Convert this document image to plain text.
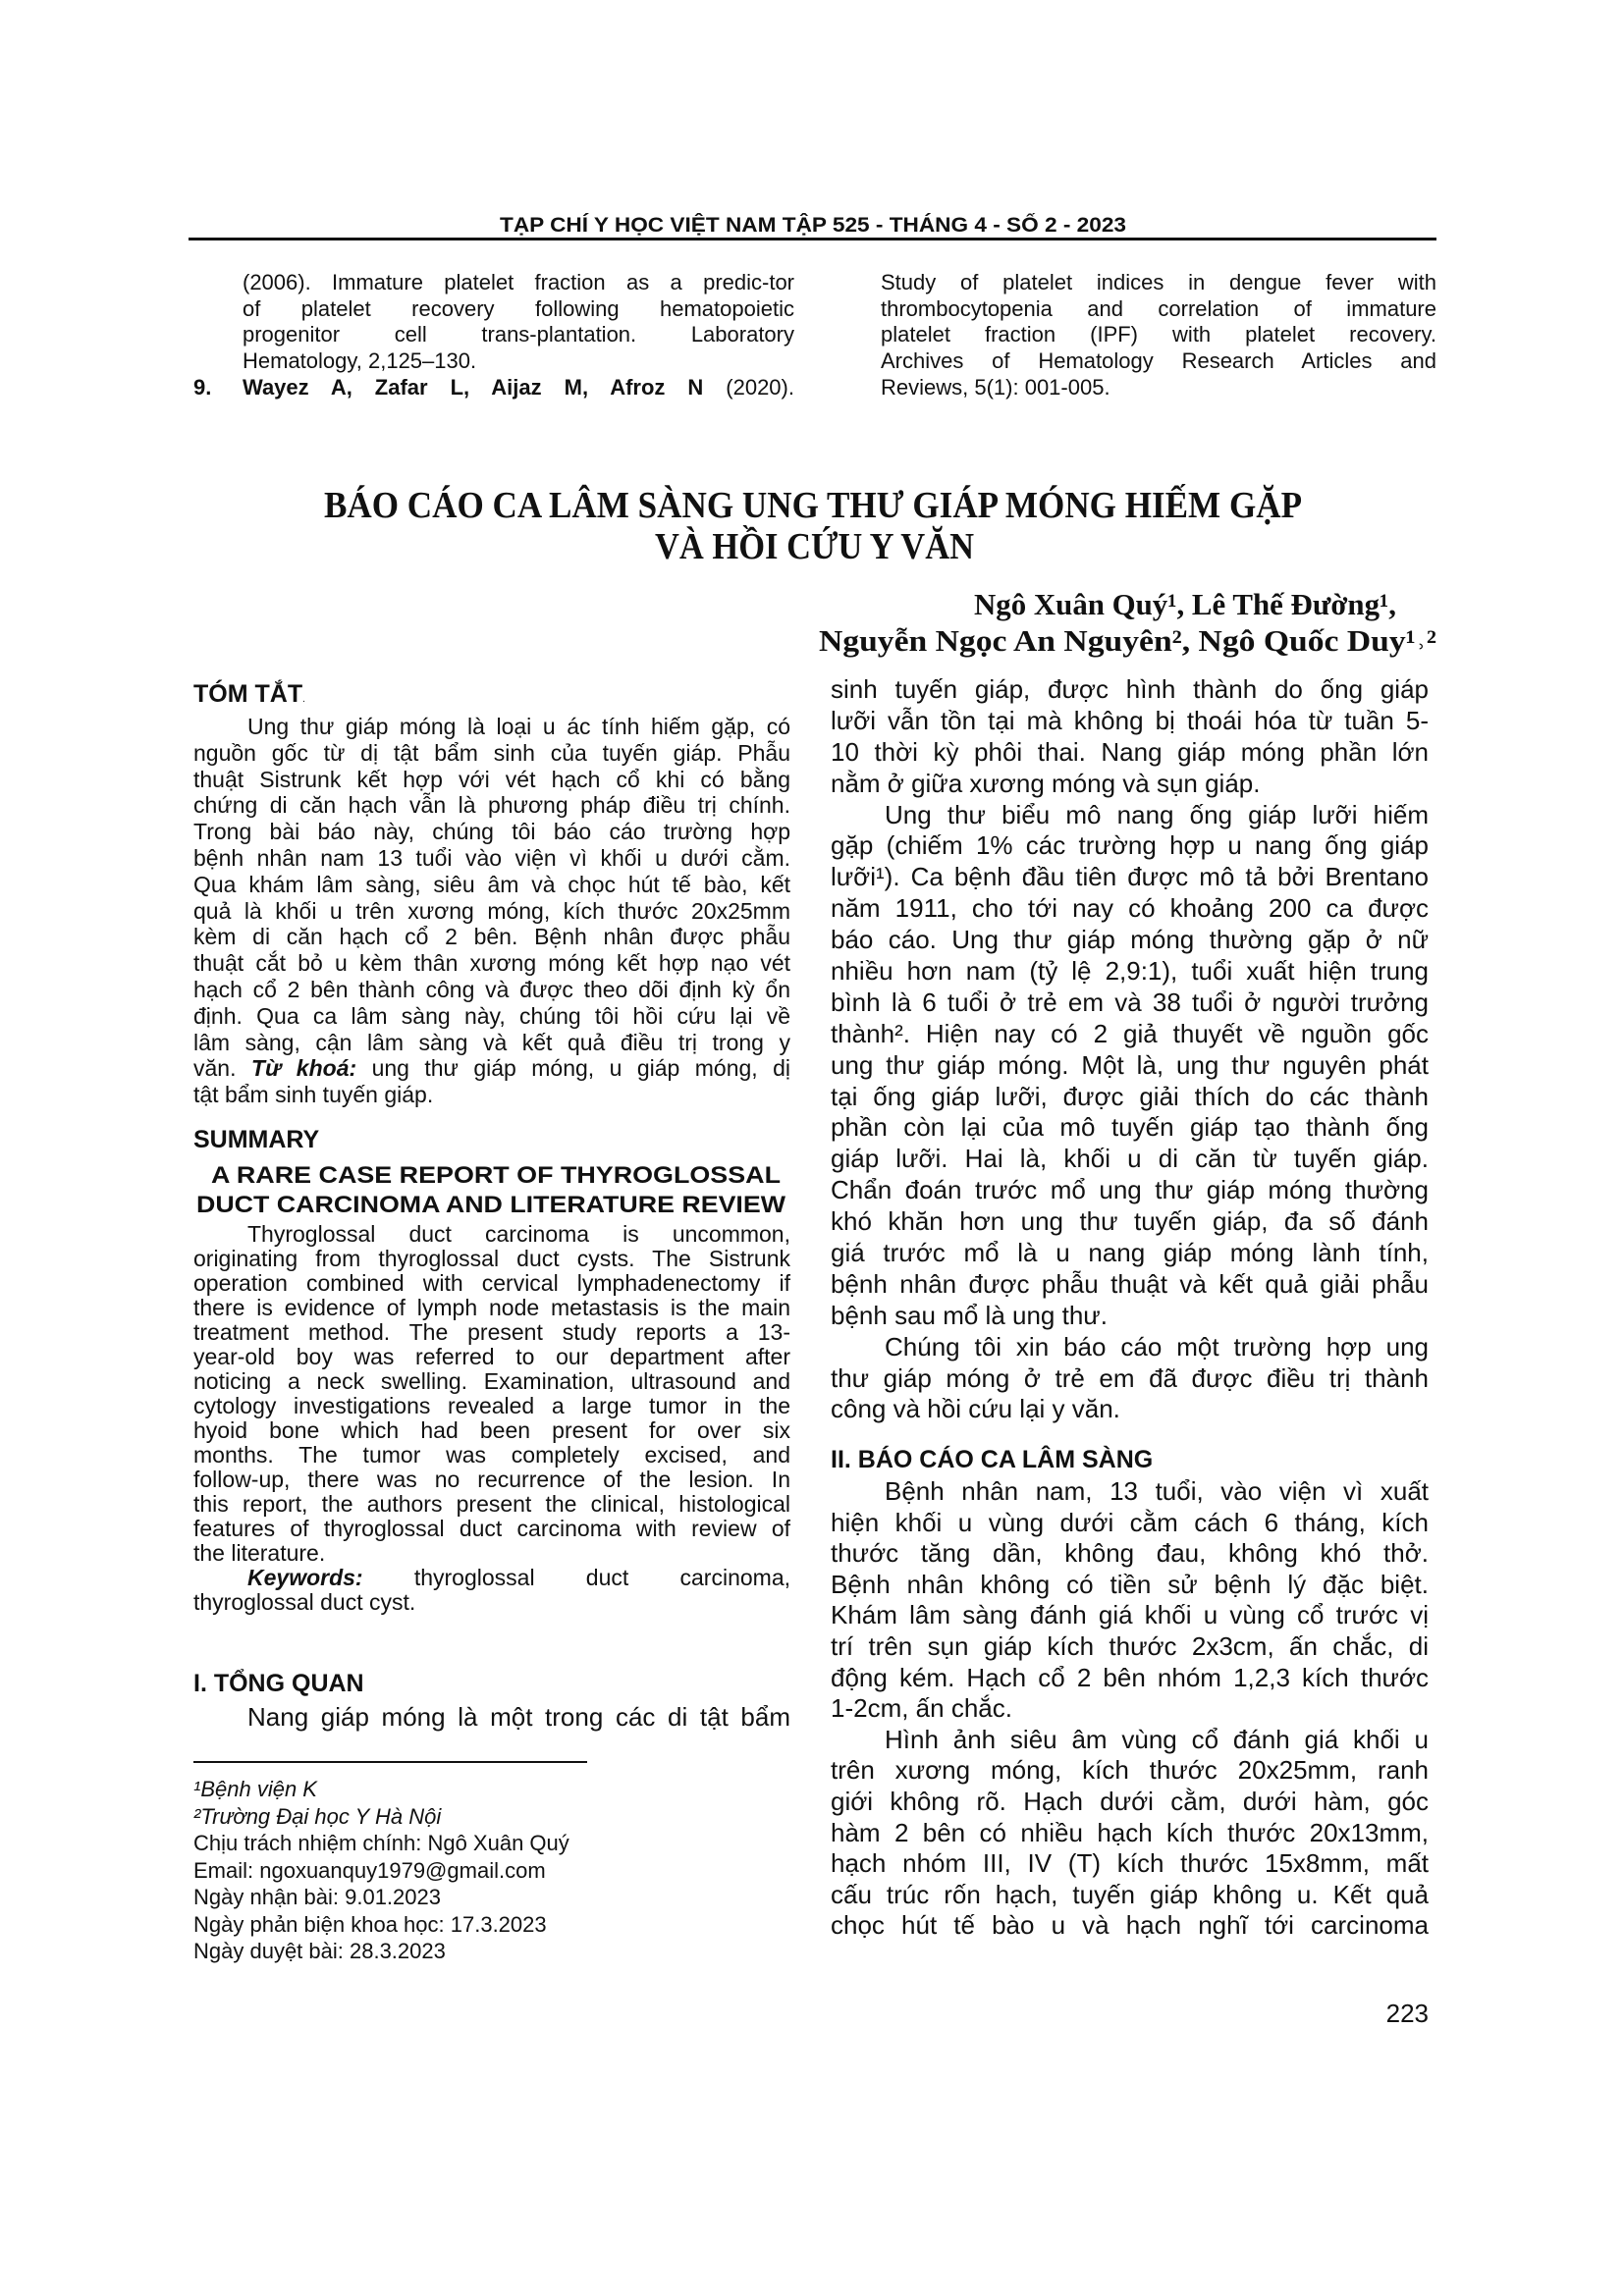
TẠP CHÍ Y HỌC VIỆT NAM TẬP 525 - THÁNG 4 - SỐ 2 - 2023
(2006). Immature platelet fraction as a predic-tor
of platelet recovery following hematopoietic
progenitor cell trans-plantation. Laboratory
Hematology, 2,125–130.
9. Wayez A, Zafar L, Aijaz M, Afroz N (2020).
Study of platelet indices in dengue fever with
thrombocytopenia and correlation of immature
platelet fraction (IPF) with platelet recovery.
Archives of Hematology Research Articles and
Reviews, 5(1): 001-005.
BÁO CÁO CA LÂM SÀNG UNG THƯ GIÁP MÓNG HIẾM GẶP
VÀ HỒI CỨU Y VĂN
Ngô Xuân Quý¹, Lê Thế Đường¹,
Nguyễn Ngọc An Nguyên², Ngô Quốc Duy¹˒²
TÓM TẮT.
Ung thư giáp móng là loại u ác tính hiếm gặp, có
nguồn gốc từ dị tật bẩm sinh của tuyến giáp. Phẫu
thuật Sistrunk kết hợp với vét hạch cổ khi có bằng
chứng di căn hạch vẫn là phương pháp điều trị chính.
Trong bài báo này, chúng tôi báo cáo trường hợp
bệnh nhân nam 13 tuổi vào viện vì khối u dưới cằm.
Qua khám lâm sàng, siêu âm và chọc hút tế bào, kết
quả là khối u trên xương móng, kích thước 20x25mm
kèm di căn hạch cổ 2 bên. Bệnh nhân được phẫu
thuật cắt bỏ u kèm thân xương móng kết hợp nạo vét
hạch cổ 2 bên thành công và được theo dõi định kỳ ổn
định. Qua ca lâm sàng này, chúng tôi hồi cứu lại về
lâm sàng, cận lâm sàng và kết quả điều trị trong y
văn. Từ khoá: ung thư giáp móng, u giáp móng, dị
tật bẩm sinh tuyến giáp.
SUMMARY
A RARE CASE REPORT OF THYROGLOSSAL
DUCT CARCINOMA AND LITERATURE REVIEW
Thyroglossal duct carcinoma is uncommon,
originating from thyroglossal duct cysts. The Sistrunk
operation combined with cervical lymphadenectomy if
there is evidence of lymph node metastasis is the main
treatment method. The present study reports a 13-
year-old boy was referred to our department after
noticing a neck swelling. Examination, ultrasound and
cytology investigations revealed a large tumor in the
hyoid bone which had been present for over six
months. The tumor was completely excised, and
follow-up, there was no recurrence of the lesion. In
this report, the authors present the clinical, histological
features of thyroglossal duct carcinoma with review of
the literature.
Keywords: thyroglossal duct carcinoma,
thyroglossal duct cyst.
I. TỔNG QUAN
Nang giáp móng là một trong các di tật bẩm
¹Bệnh viện K
²Trường Đại học Y Hà Nội
Chịu trách nhiệm chính: Ngô Xuân Quý
Email: ngoxuanquy1979@gmail.com
Ngày nhận bài: 9.01.2023
Ngày phản biện khoa học: 17.3.2023
Ngày duyệt bài: 28.3.2023
sinh tuyến giáp, được hình thành do ống giáp
lưỡi vẫn tồn tại mà không bị thoái hóa từ tuần 5-
10 thời kỳ phôi thai. Nang giáp móng phần lớn
nằm ở giữa xương móng và sụn giáp.
Ung thư biểu mô nang ống giáp lưỡi hiếm
gặp (chiếm 1% các trường hợp u nang ống giáp
lưỡi¹). Ca bệnh đầu tiên được mô tả bởi Brentano
năm 1911, cho tới nay có khoảng 200 ca được
báo cáo. Ung thư giáp móng thường gặp ở nữ
nhiều hơn nam (tỷ lệ 2,9:1), tuổi xuất hiện trung
bình là 6 tuổi ở trẻ em và 38 tuổi ở người trưởng
thành². Hiện nay có 2 giả thuyết về nguồn gốc
ung thư giáp móng. Một là, ung thư nguyên phát
tại ống giáp lưỡi, được giải thích do các thành
phần còn lại của mô tuyến giáp tạo thành ống
giáp lưỡi. Hai là, khối u di căn từ tuyến giáp.
Chẩn đoán trước mổ ung thư giáp móng thường
khó khăn hơn ung thư tuyến giáp, đa số đánh
giá trước mổ là u nang giáp móng lành tính,
bệnh nhân được phẫu thuật và kết quả giải phẫu
bệnh sau mổ là ung thư.
Chúng tôi xin báo cáo một trường hợp ung
thư giáp móng ở trẻ em đã được điều trị thành
công và hồi cứu lại y văn.
II. BÁO CÁO CA LÂM SÀNG
Bệnh nhân nam, 13 tuổi, vào viện vì xuất
hiện khối u vùng dưới cằm cách 6 tháng, kích
thước tăng dần, không đau, không khó thở.
Bệnh nhân không có tiền sử bệnh lý đặc biệt.
Khám lâm sàng đánh giá khối u vùng cổ trước vị
trí trên sụn giáp kích thước 2x3cm, ấn chắc, di
động kém. Hạch cổ 2 bên nhóm 1,2,3 kích thước
1-2cm, ấn chắc.
Hình ảnh siêu âm vùng cổ đánh giá khối u
trên xương móng, kích thước 20x25mm, ranh
giới không rõ. Hạch dưới cằm, dưới hàm, góc
hàm 2 bên có nhiều hạch kích thước 20x13mm,
hạch nhóm III, IV (T) kích thước 15x8mm, mất
cấu trúc rốn hạch, tuyến giáp không u. Kết quả
chọc hút tế bào u và hạch nghĩ tới carcinoma
223
